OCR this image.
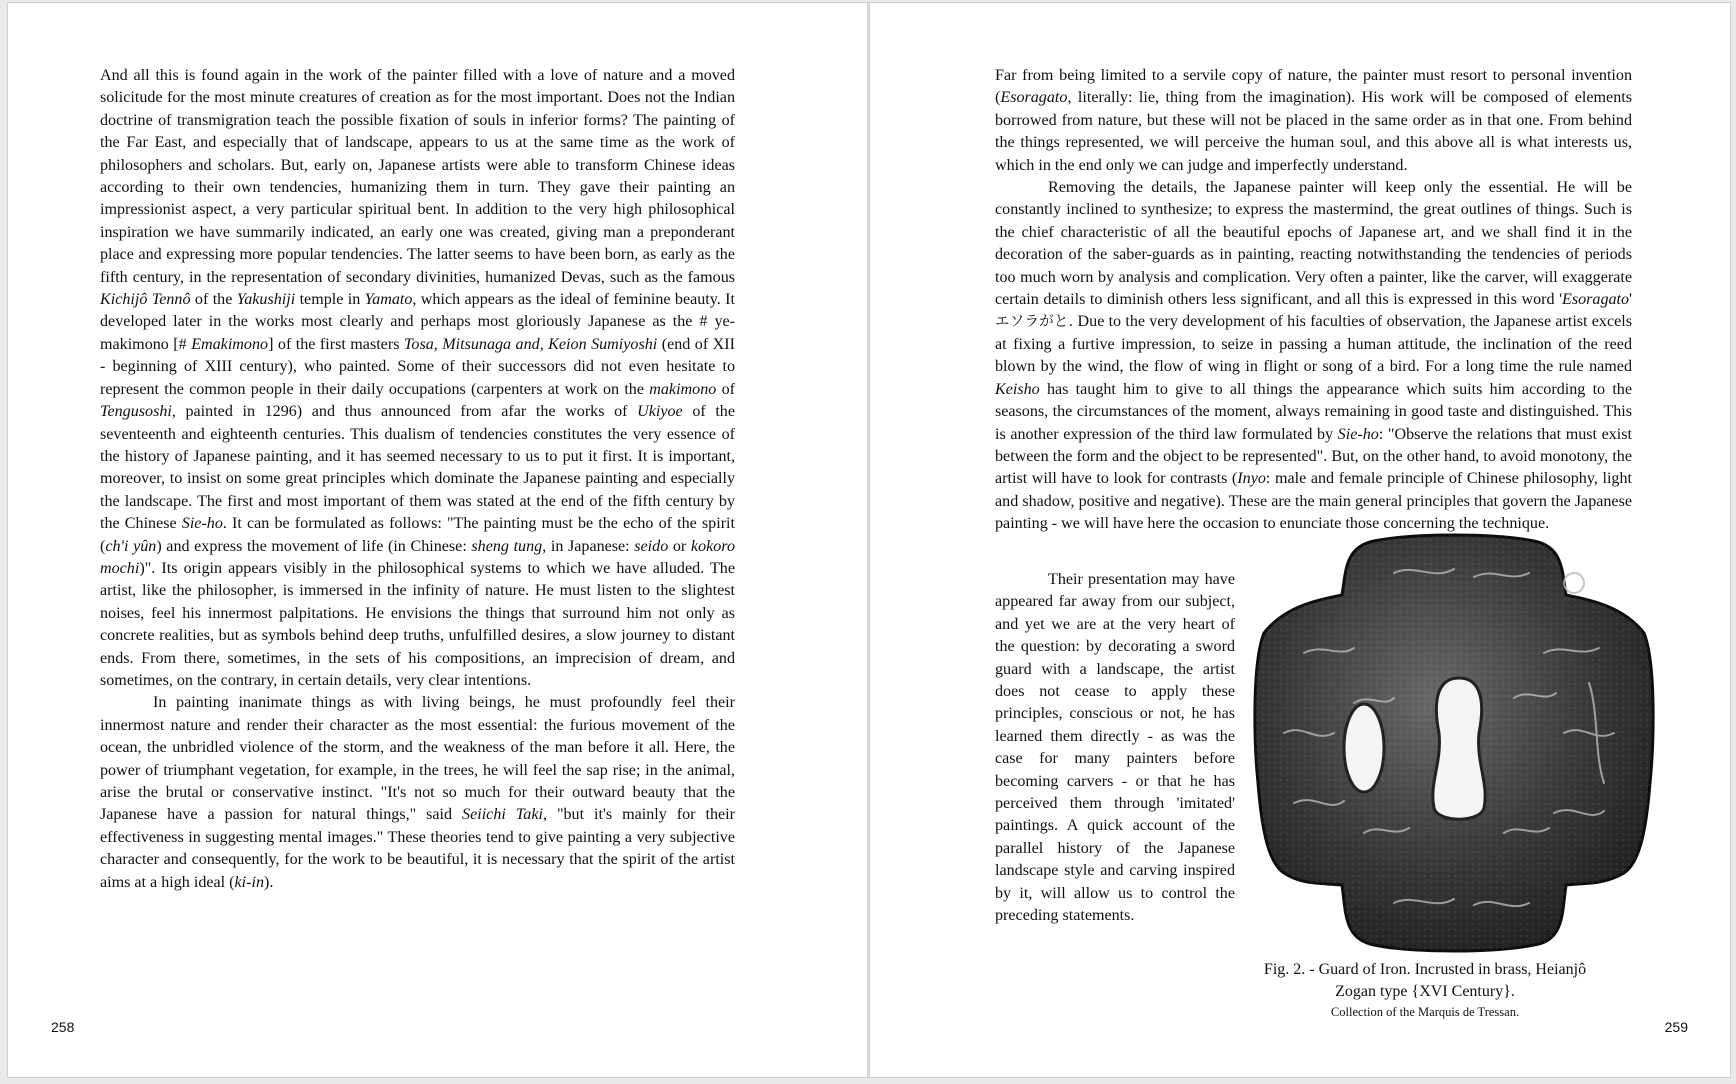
And all this is found again in the work of the painter filled with a love of nature and a moved solicitude for the most minute creatures of creation as for the most important. Does not the Indian doctrine of transmigration teach the possible fixation of souls in inferior forms? The painting of the Far East, and especially that of landscape, appears to us at the same time as the work of philosophers and scholars. But, early on, Japanese artists were able to transform Chinese ideas according to their own tendencies, humanizing them in turn. They gave their painting an impressionist aspect, a very particular spiritual bent. In addition to the very high philosophical inspiration we have summarily indicated, an early one was created, giving man a preponderant place and expressing more popular tendencies. The latter seems to have been born, as early as the fifth century, in the representation of secondary divinities, humanized Devas, such as the famous Kichijô Tennô of the Yakushiji temple in Yamato, which appears as the ideal of feminine beauty. It developed later in the works most clearly and perhaps most gloriously Japanese as the # ye-makimono [# Emakimono] of the first masters Tosa, Mitsunaga and, Keion Sumiyoshi (end of XII - beginning of XIII century), who painted. Some of their successors did not even hesitate to represent the common people in their daily occupations (carpenters at work on the makimono of Tengusoshi, painted in 1296) and thus announced from afar the works of Ukiyoe of the seventeenth and eighteenth centuries. This dualism of tendencies constitutes the very essence of the history of Japanese painting, and it has seemed necessary to us to put it first. It is important, moreover, to insist on some great principles which dominate the Japanese painting and especially the landscape. The first and most important of them was stated at the end of the fifth century by the Chinese Sie-ho. It can be formulated as follows: "The painting must be the echo of the spirit (ch'i yûn) and express the movement of life (in Chinese: sheng tung, in Japanese: seido or kokoro mochi)". Its origin appears visibly in the philosophical systems to which we have alluded. The artist, like the philosopher, is immersed in the infinity of nature. He must listen to the slightest noises, feel his innermost palpitations. He envisions the things that surround him not only as concrete realities, but as symbols behind deep truths, unfulfilled desires, a slow journey to distant ends. From there, sometimes, in the sets of his compositions, an imprecision of dream, and sometimes, on the contrary, in certain details, very clear intentions.

In painting inanimate things as with living beings, he must profoundly feel their innermost nature and render their character as the most essential: the furious movement of the ocean, the unbridled violence of the storm, and the weakness of the man before it all. Here, the power of triumphant vegetation, for example, in the trees, he will feel the sap rise; in the animal, arise the brutal or conservative instinct. "It's not so much for their outward beauty that the Japanese have a passion for natural things," said Seiichi Taki, "but it's mainly for their effectiveness in suggesting mental images." These theories tend to give painting a very subjective character and consequently, for the work to be beautiful, it is necessary that the spirit of the artist aims at a high ideal (ki-in).

258

Far from being limited to a servile copy of nature, the painter must resort to personal invention (Esoragato, literally: lie, thing from the imagination). His work will be composed of elements borrowed from nature, but these will not be placed in the same order as in that one. From behind the things represented, we will perceive the human soul, and this above all is what interests us, which in the end only we can judge and imperfectly understand.

Removing the details, the Japanese painter will keep only the essential. He will be constantly inclined to synthesize; to express the mastermind, the great outlines of things. Such is the chief characteristic of all the beautiful epochs of Japanese art, and we shall find it in the decoration of the saber-guards as in painting, reacting notwithstanding the tendencies of periods too much worn by analysis and complication. Very often a painter, like the carver, will exaggerate certain details to diminish others less significant, and all this is expressed in this word 'Esoragato' エソラがと. Due to the very development of his faculties of observation, the Japanese artist excels at fixing a furtive impression, to seize in passing a human attitude, the inclination of the reed blown by the wind, the flow of wing in flight or song of a bird. For a long time the rule named Keisho has taught him to give to all things the appearance which suits him according to the seasons, the circumstances of the moment, always remaining in good taste and distinguished. This is another expression of the third law formulated by Sie-ho: "Observe the relations that must exist between the form and the object to be represented". But, on the other hand, to avoid monotony, the artist will have to look for contrasts (Inyo: male and female principle of Chinese philosophy, light and shadow, positive and negative). These are the main general principles that govern the Japanese painting - we will have here the occasion to enunciate those concerning the technique.

Their presentation may have appeared far away from our subject, and yet we are at the very heart of the question: by decorating a sword guard with a landscape, the artist does not cease to apply these principles, conscious or not, he has learned them directly - as was the case for many painters before becoming carvers - or that he has perceived them through 'imitated' paintings. A quick account of the parallel history of the Japanese landscape style and carving inspired by it, will allow us to control the preceding statements.

Fig. 2. - Guard of Iron. Incrusted in brass, Heianjô
Zogan type {XVI Century}.
Collection of the Marquis de Tressan.
259
